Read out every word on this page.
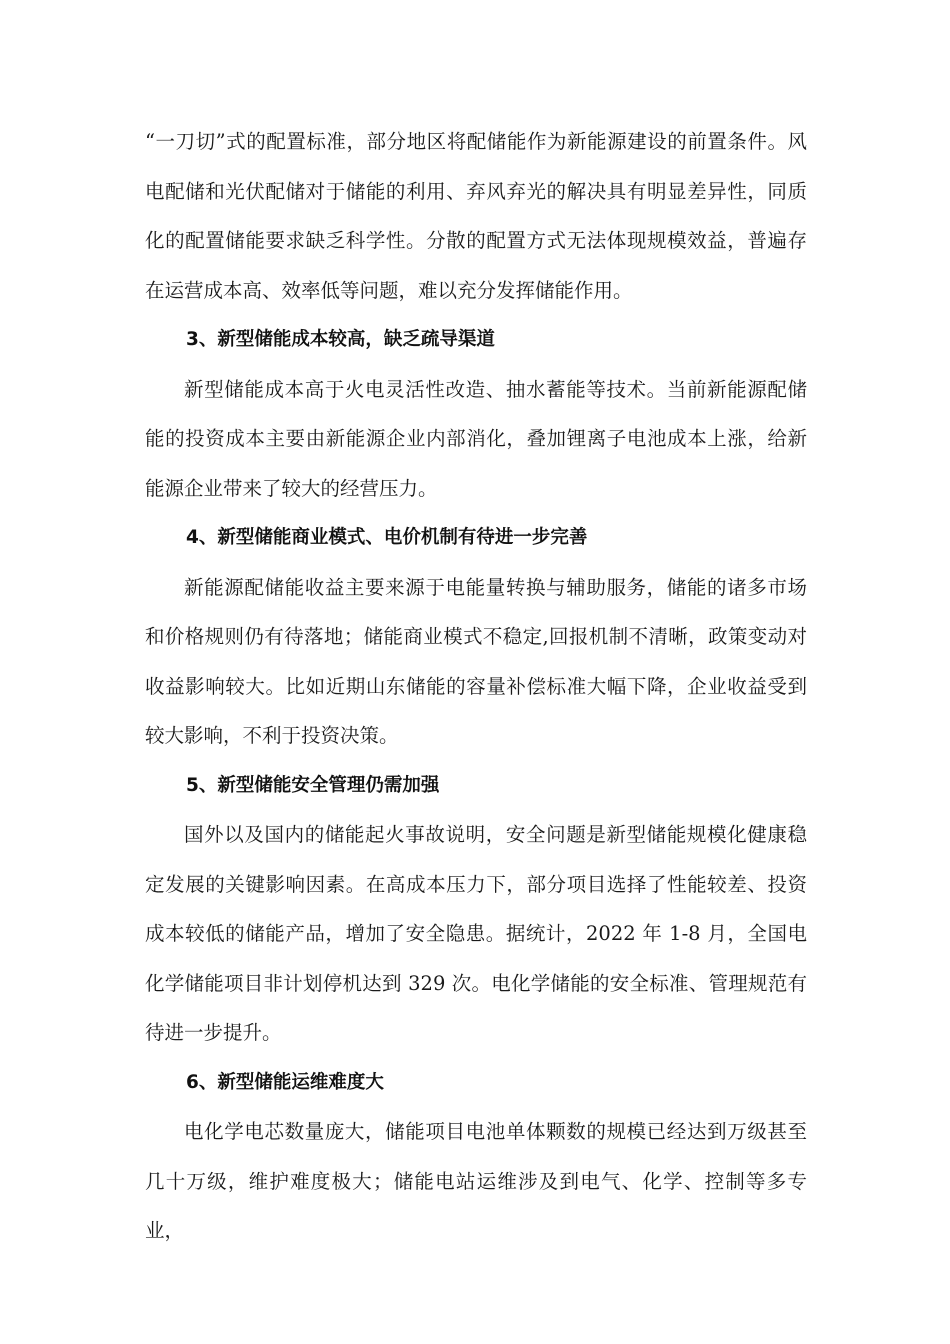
“一刀切”式的配置标准，部分地区将配储能作为新能源建设的前置条件。风电配储和光伏配储对于储能的利用、弃风弃光的解决具有明显差异性，同质化的配置储能要求缺乏科学性。分散的配置方式无法体现规模效益，普遍存在运营成本高、效率低等问题，难以充分发挥储能作用。

3、新型储能成本较高，缺乏疏导渠道

新型储能成本高于火电灵活性改造、抽水蓄能等技术。当前新能源配储能的投资成本主要由新能源企业内部消化，叠加锂离子电池成本上涨，给新能源企业带来了较大的经营压力。

4、新型储能商业模式、电价机制有待进一步完善

新能源配储能收益主要来源于电能量转换与辅助服务，储能的诸多市场和价格规则仍有待落地；储能商业模式不稳定,回报机制不清晰，政策变动对收益影响较大。比如近期山东储能的容量补偿标准大幅下降，企业收益受到较大影响，不利于投资决策。

5、新型储能安全管理仍需加强

国外以及国内的储能起火事故说明，安全问题是新型储能规模化健康稳定发展的关键影响因素。在高成本压力下，部分项目选择了性能较差、投资成本较低的储能产品，增加了安全隐患。据统计，2022 年 1-8 月，全国电化学储能项目非计划停机达到 329 次。电化学储能的安全标准、管理规范有待进一步提升。

6、新型储能运维难度大

电化学电芯数量庞大，储能项目电池单体颗数的规模已经达到万级甚至几十万级，维护难度极大；储能电站运维涉及到电气、化学、控制等多专业，
